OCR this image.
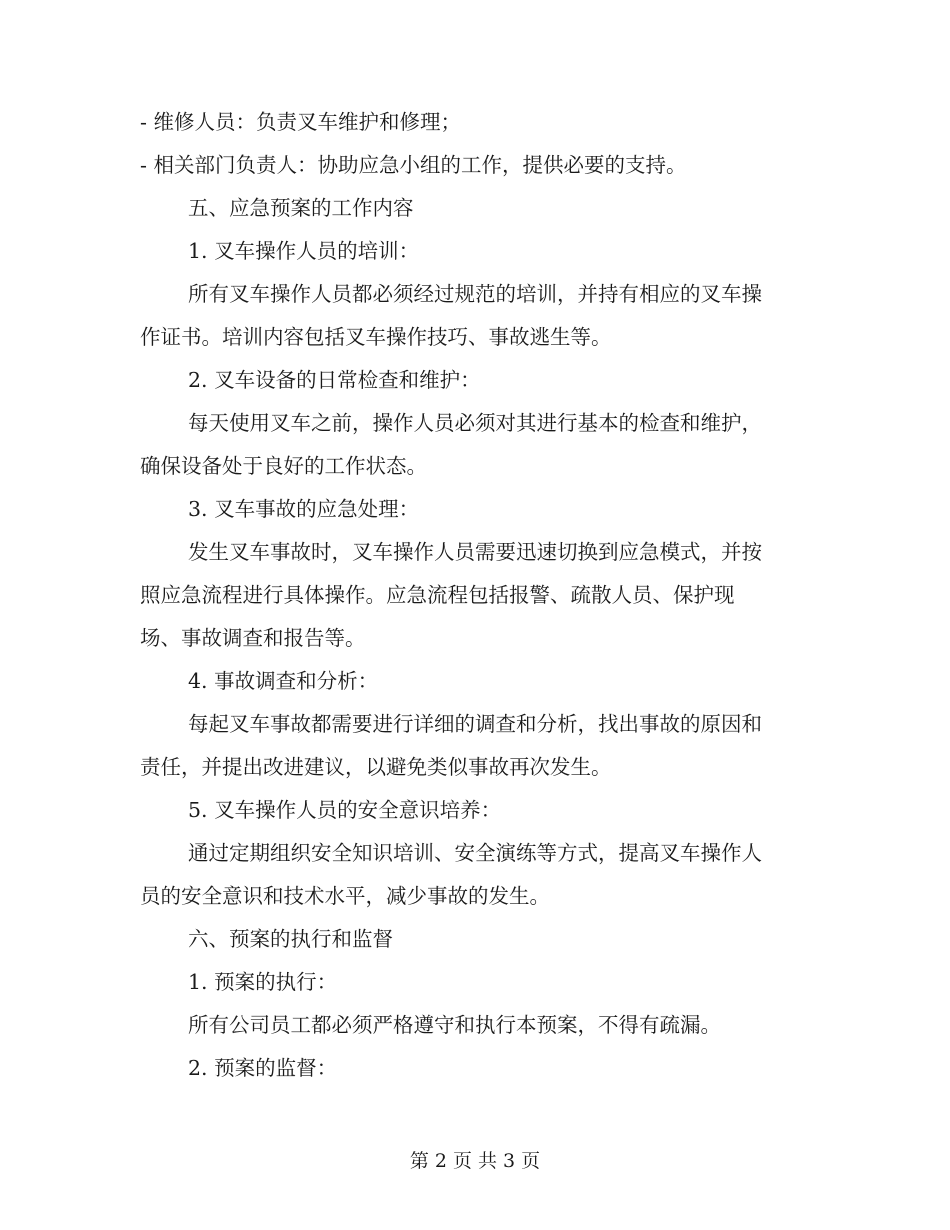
- 维修人员：负责叉车维护和修理；
- 相关部门负责人：协助应急小组的工作，提供必要的支持。
五、应急预案的工作内容
1. 叉车操作人员的培训：
所有叉车操作人员都必须经过规范的培训，并持有相应的叉车操
作证书。培训内容包括叉车操作技巧、事故逃生等。
2. 叉车设备的日常检查和维护：
每天使用叉车之前，操作人员必须对其进行基本的检查和维护，
确保设备处于良好的工作状态。
3. 叉车事故的应急处理：
发生叉车事故时，叉车操作人员需要迅速切换到应急模式，并按
照应急流程进行具体操作。应急流程包括报警、疏散人员、保护现
场、事故调查和报告等。
4. 事故调查和分析：
每起叉车事故都需要进行详细的调查和分析，找出事故的原因和
责任，并提出改进建议，以避免类似事故再次发生。
5. 叉车操作人员的安全意识培养：
通过定期组织安全知识培训、安全演练等方式，提高叉车操作人
员的安全意识和技术水平，减少事故的发生。
六、预案的执行和监督
1. 预案的执行：
所有公司员工都必须严格遵守和执行本预案，不得有疏漏。
2. 预案的监督：
第 2 页 共 3 页
